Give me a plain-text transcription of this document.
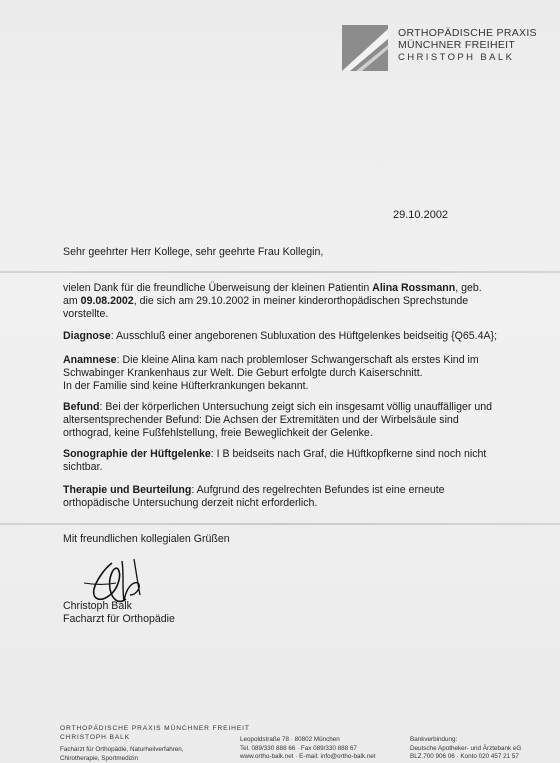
ORTHOPÄDISCHE PRAXIS
MÜNCHNER FREIHEIT
CHRISTOPH BALK
29.10.2002
Sehr geehrter Herr Kollege, sehr geehrte Frau Kollegin,
vielen Dank für die freundliche Überweisung der kleinen Patientin Alina Rossmann, geb.
am 09.08.2002, die sich am 29.10.2002 in meiner kinderorthopädischen Sprechstunde
vorstellte.
Diagnose: Ausschluß einer angeborenen Subluxation des Hüftgelenkes beidseitig {Q65.4A};
Anamnese: Die kleine Alina kam nach problemloser Schwangerschaft als erstes Kind im
Schwabinger Krankenhaus zur Welt. Die Geburt erfolgte durch Kaiserschnitt.
In der Familie sind keine Hüfterkrankungen bekannt.
Befund: Bei der körperlichen Untersuchung zeigt sich ein insgesamt völlig unauffälliger und
altersentsprechender Befund: Die Achsen der Extremitäten und der Wirbelsäule sind
orthograd, keine Fußfehlstellung, freie Beweglichkeit der Gelenke.
Sonographie der Hüftgelenke: I B beidseits nach Graf, die Hüftkopfkerne sind noch nicht
sichtbar.
Therapie und Beurteilung: Aufgrund des regelrechten Befundes ist eine erneute
orthopädische Untersuchung derzeit nicht erforderlich.
Mit freundlichen kollegialen Grüßen
Christoph Balk
Facharzt für Orthopädie
ORTHOPÄDISCHE PRAXIS MÜNCHNER FREIHEIT
CHRISTOPH BALK
Facharzt für Orthopädie, Naturheilverfahren,
Chirotherapie, Sportmedizin
Leopoldstraße 78 · 80802 München
Tel. 089/330 888 66 · Fax 089/330 888 67
www.ortho-balk.net · E-mail: info@ortho-balk.net
Bankverbindung:
Deutsche Apotheker- und Ärztebank eG
BLZ 700 906 06 · Konto 020 457 21 57
